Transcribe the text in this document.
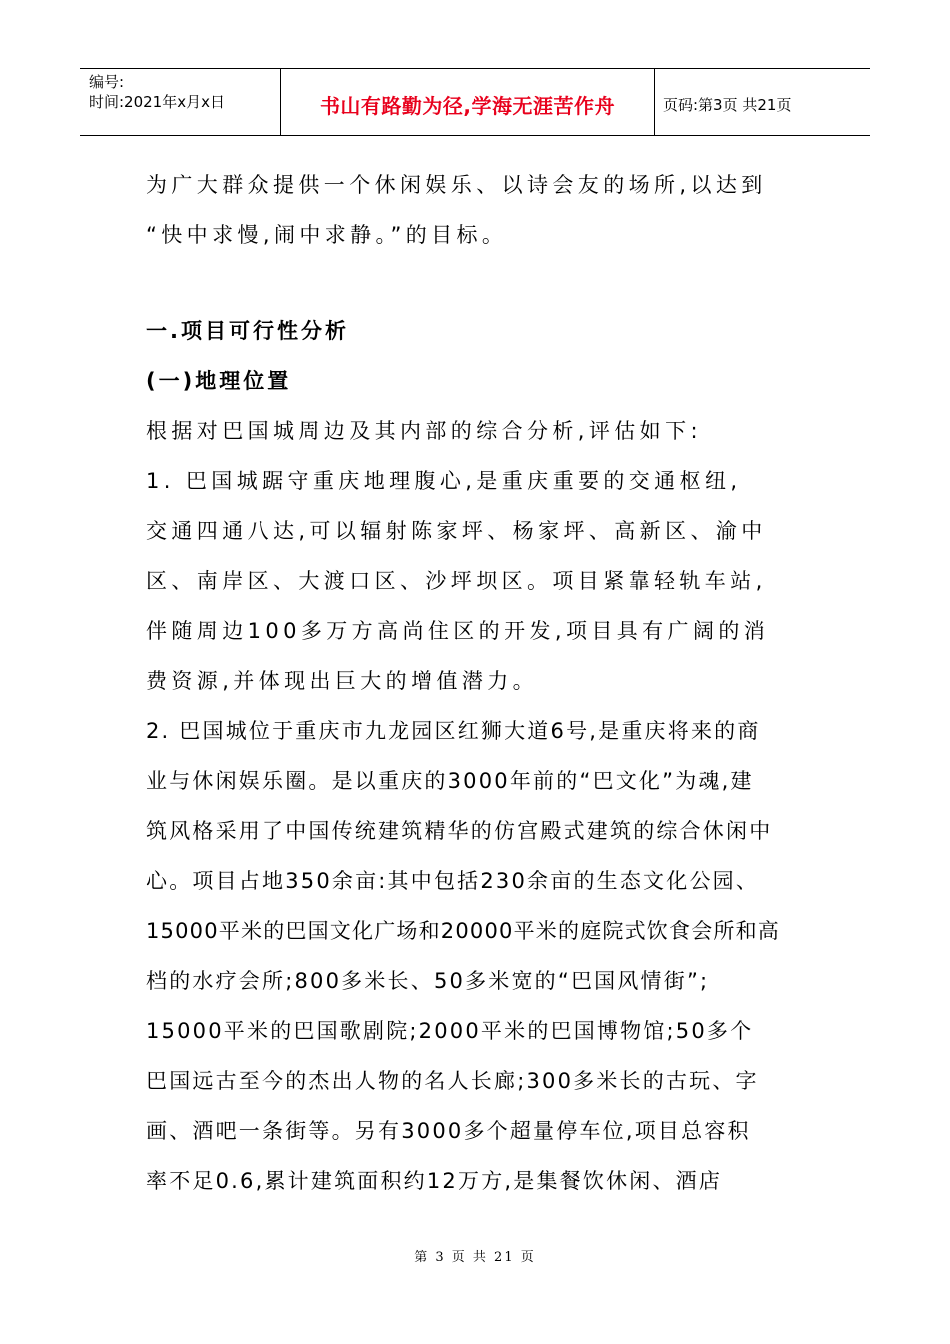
编号:
时间:2021年x月x日	书山有路勤为径,学海无涯苦作舟	页码:第3页 共21页

为广大群众提供一个休闲娱乐、以诗会友的场所,以达到

“快中求慢,闹中求静。”的目标。

一.项目可行性分析

(一)地理位置

根据对巴国城周边及其内部的综合分析,评估如下:

1. 巴国城踞守重庆地理腹心,是重庆重要的交通枢纽,

交通四通八达,可以辐射陈家坪、杨家坪、高新区、渝中

区、南岸区、大渡口区、沙坪坝区。项目紧靠轻轨车站,

伴随周边100多万方高尚住区的开发,项目具有广阔的消

费资源,并体现出巨大的增值潜力。

2. 巴国城位于重庆市九龙园区红狮大道6号,是重庆将来的商

业与休闲娱乐圈。是以重庆的3000年前的“巴文化”为魂,建

筑风格采用了中国传统建筑精华的仿宫殿式建筑的综合休闲中

心。项目占地350余亩:其中包括230余亩的生态文化公园、

15000平米的巴国文化广场和20000平米的庭院式饮食会所和高

档的水疗会所;800多米长、50多米宽的“巴国风情街”;

15000平米的巴国歌剧院;2000平米的巴国博物馆;50多个

巴国远古至今的杰出人物的名人长廊;300多米长的古玩、字

画、酒吧一条街等。另有3000多个超量停车位,项目总容积

率不足0.6,累计建筑面积约12万方,是集餐饮休闲、酒店

第 3 页 共 21 页
